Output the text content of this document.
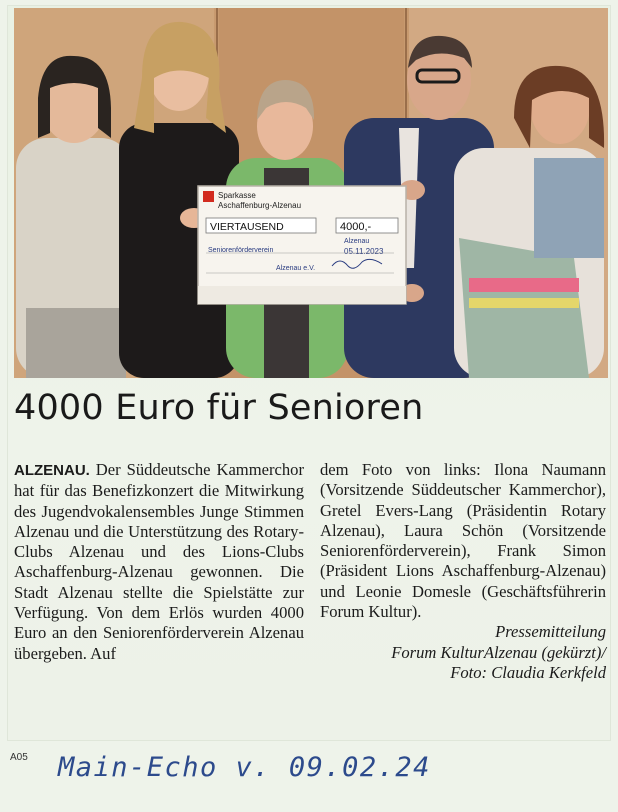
Sparkasse
Aschaffenburg-Alzenau
VIERTAUSEND	4000,-
Alzenau
05.11.2023
Seniorenförderverein
Alzenau e.V.
4000 Euro für Senioren
ALZENAU. Der Süddeutsche Kammerchor hat für das Benefizkonzert die Mitwirkung des Jugendvokalensembles Junge Stimmen Alzenau und die Unterstützung des Rotary-Clubs Alzenau und des Lions-Clubs Aschaffenburg-Alzenau gewonnen. Die Stadt Alzenau stellte die Spielstätte zur Verfügung. Von dem Erlös wurden 4000 Euro an den Seniorenförderverein Alzenau übergeben. Auf
dem Foto von links: Ilona Naumann (Vorsitzende Süddeutscher Kammerchor), Gretel Evers-Lang (Präsidentin Rotary Alzenau), Laura Schön (Vorsitzende Seniorenförderverein), Frank Simon (Präsident Lions Aschaffenburg-Alzenau) und Leonie Domesle (Geschäftsführerin Forum Kultur).
Pressemitteilung
Forum KulturAlzenau (gekürzt)/
Foto: Claudia Kerkfeld
A05 Main-Echo v. 09.02.24
